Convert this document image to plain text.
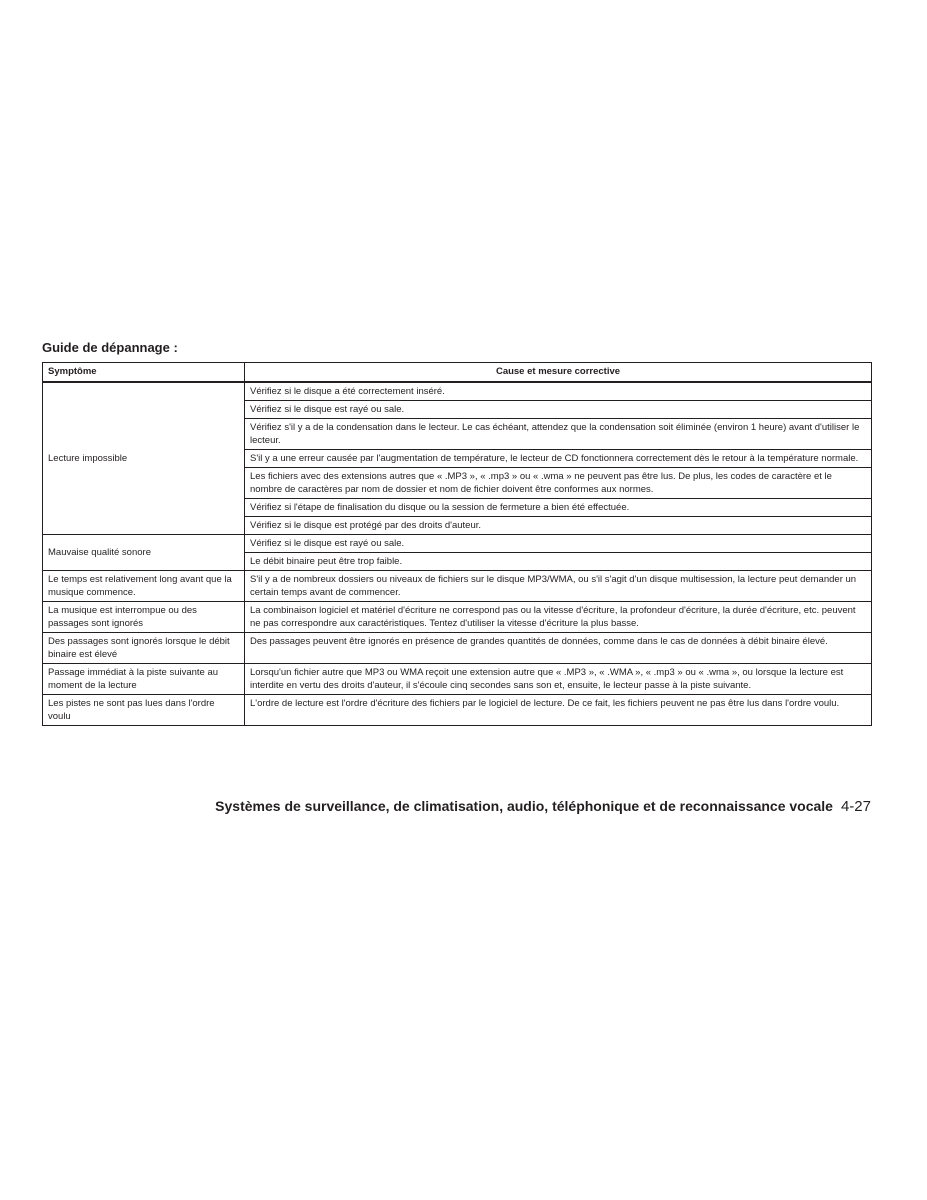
Guide de dépannage :
Symptôme	Cause et mesure corrective
Lecture impossible	Vérifiez si le disque a été correctement inséré.
	Vérifiez si le disque est rayé ou sale.
	Vérifiez s'il y a de la condensation dans le lecteur. Le cas échéant, attendez que la condensation soit éliminée (environ 1 heure) avant d'utiliser le lecteur.
	S'il y a une erreur causée par l'augmentation de température, le lecteur de CD fonctionnera correctement dès le retour à la température normale.
	Les fichiers avec des extensions autres que « .MP3 », « .mp3 » ou « .wma » ne peuvent pas être lus. De plus, les codes de caractère et le nombre de caractères par nom de dossier et nom de fichier doivent être conformes aux normes.
	Vérifiez si l'étape de finalisation du disque ou la session de fermeture a bien été effectuée.
	Vérifiez si le disque est protégé par des droits d'auteur.
Mauvaise qualité sonore	Vérifiez si le disque est rayé ou sale.
	Le débit binaire peut être trop faible.
Le temps est relativement long avant que la musique commence.	S'il y a de nombreux dossiers ou niveaux de fichiers sur le disque MP3/WMA, ou s'il s'agit d'un disque multisession, la lecture peut demander un certain temps avant de commencer.
La musique est interrompue ou des passages sont ignorés	La combinaison logiciel et matériel d'écriture ne correspond pas ou la vitesse d'écriture, la profondeur d'écriture, la durée d'écriture, etc. peuvent ne pas correspondre aux caractéristiques. Tentez d'utiliser la vitesse d'écriture la plus basse.
Des passages sont ignorés lorsque le débit binaire est élevé	Des passages peuvent être ignorés en présence de grandes quantités de données, comme dans le cas de données à débit binaire élevé.
Passage immédiat à la piste suivante au moment de la lecture	Lorsqu'un fichier autre que MP3 ou WMA reçoit une extension autre que « .MP3 », « .WMA », « .mp3 » ou « .wma », ou lorsque la lecture est interdite en vertu des droits d'auteur, il s'écoule cinq secondes sans son et, ensuite, le lecteur passe à la piste suivante.
Les pistes ne sont pas lues dans l'ordre voulu	L'ordre de lecture est l'ordre d'écriture des fichiers par le logiciel de lecture. De ce fait, les fichiers peuvent ne pas être lus dans l'ordre voulu.
Systèmes de surveillance, de climatisation, audio, téléphonique et de reconnaissance vocale 4-27
